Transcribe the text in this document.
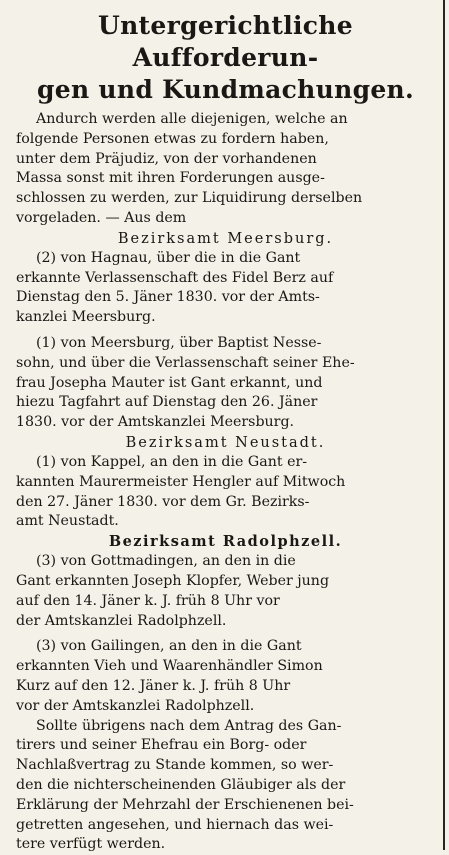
Untergerichtliche Aufforderun-
gen und Kundmachungen.

Andurch werden alle diejenigen, welche an
folgende Personen etwas zu fordern haben,
unter dem Präjudiz, von der vorhandenen
Massa sonst mit ihren Forderungen ausge-
schlossen zu werden, zur Liquidirung derselben
vorgeladen. — Aus dem

Bezirksamt Meersburg.

(2) von Hagnau, über die in die Gant
erkannte Verlassenschaft des Fidel Berz auf
Dienstag den 5. Jäner 1830. vor der Amts-
kanzlei Meersburg.

(1) von Meersburg, über Baptist Nesse-
sohn, und über die Verlassenschaft seiner Ehe-
frau Josepha Mauter ist Gant erkannt, und
hiezu Tagfahrt auf Dienstag den 26. Jäner
1830. vor der Amtskanzlei Meersburg.

Bezirksamt Neustadt.

(1) von Kappel, an den in die Gant er-
kannten Maurermeister Hengler auf Mitwoch
den 27. Jäner 1830. vor dem Gr. Bezirks-
amt Neustadt.

Bezirksamt Radolphzell.

(3) von Gottmadingen, an den in die
Gant erkannten Joseph Klopfer, Weber jung
auf den 14. Jäner k. J. früh 8 Uhr vor
der Amtskanzlei Radolphzell.

(3) von Gailingen, an den in die Gant
erkannten Vieh und Waarenhändler Simon
Kurz auf den 12. Jäner k. J. früh 8 Uhr
vor der Amtskanzlei Radolphzell.

Sollte übrigens nach dem Antrag des Gan-
tirers und seiner Ehefrau ein Borg- oder
Nachlaßvertrag zu Stande kommen, so wer-
den die nichterscheinenden Gläubiger als der
Erklärung der Mehrzahl der Erschienenen bei-
getretten angesehen, und hiernach das wei-
tere verfügt werden.
